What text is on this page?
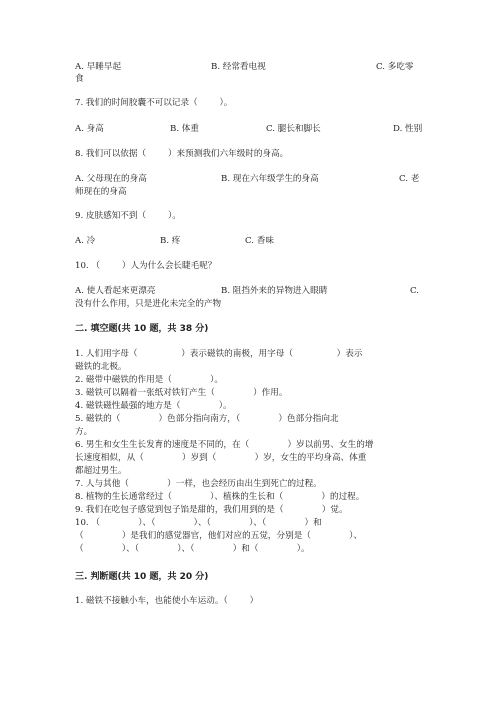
A. 早睡早起	B. 经常看电视	C. 多吃零
食
7. 我们的时间胶囊不可以记录（        ）。
A. 身高	B. 体重	C. 腿长和脚长	D. 性别
8. 我们可以依据（        ）来预测我们六年级时的身高。
A. 父母现在的身高	B. 现在六年级学生的身高	C. 老
师现在的身高
9. 皮肤感知不到（        ）。
A. 冷	B. 疼	C. 香味
10. （        ）人为什么会长睫毛呢？
A. 使人看起来更漂亮	B. 阻挡外来的异物进入眼睛	C.
没有什么作用，只是进化未完全的产物
二. 填空题(共 10 题，共 38 分)
1. 人们用字母（                ）表示磁铁的南极，用字母（                ）表示
磁铁的北极。
2. 磁带中磁铁的作用是（              ）。
3. 磁铁可以隔着一张纸对铁钉产生（              ）作用。
4. 磁铁磁性最强的地方是（              ）。
5. 磁铁的（              ）色部分指向南方，（              ）色部分指向北
方。
6. 男生和女生生长发育的速度是不同的，在（              ）岁以前男、女生的增
长速度相似，从（              ）岁到（              ）岁，女生的平均身高、体重
都超过男生。
7. 人与其他（              ）一样，也会经历由出生到死亡的过程。
8. 植物的生长通常经过（              ）、植株的生长和（              ）的过程。
9. 我们在吃包子感觉到包子馅是甜的，我们用到的是（              ）觉。
10. （              ）、（              ）、（              ）、（              ）和
（              ）是我们的感觉器官，他们对应的五觉，分别是（              ）、
（              ）、（              ）、（              ）和（              ）。
三. 判断题(共 10 题，共 20 分)
1. 磁铁不接触小车，也能使小车运动。（        ）
